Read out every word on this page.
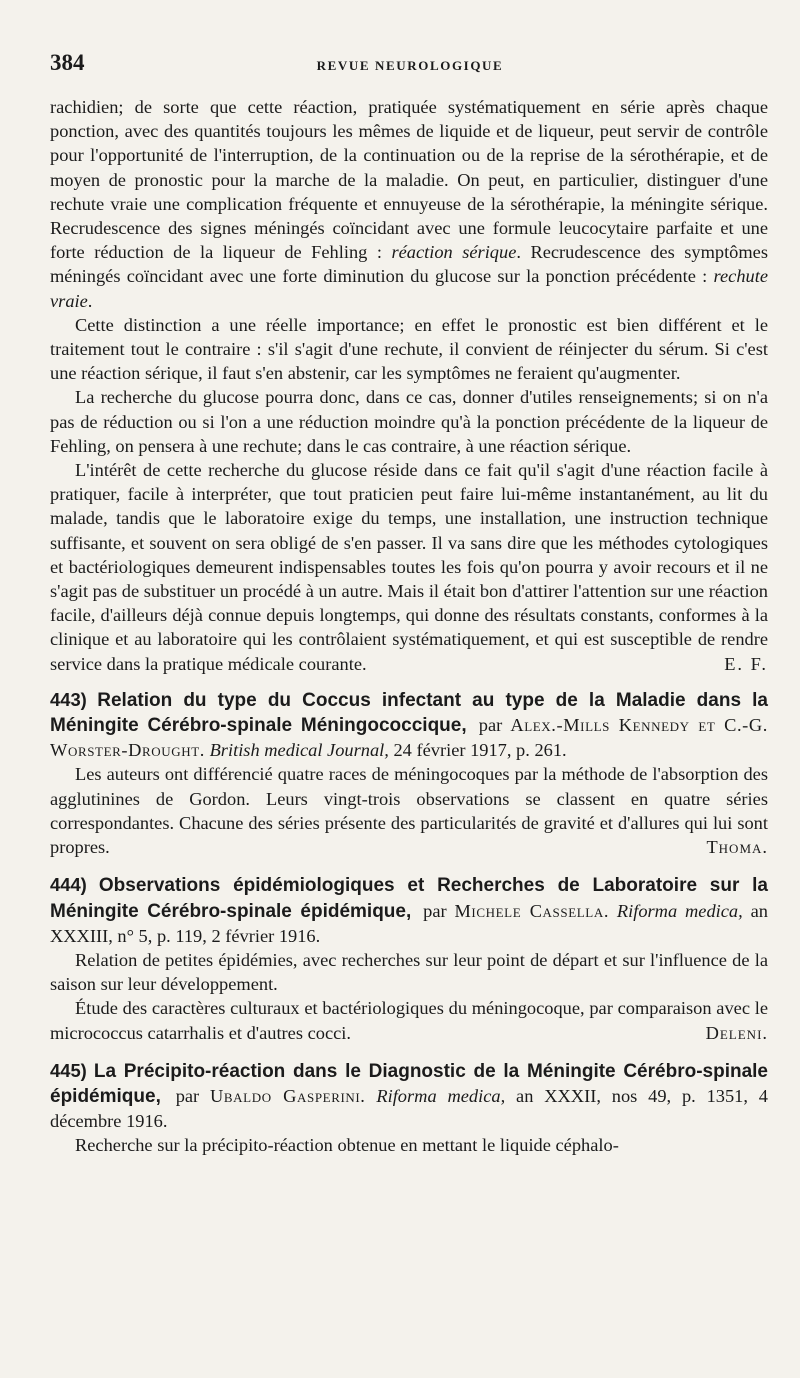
384	REVUE NEUROLOGIQUE

rachidien; de sorte que cette réaction, pratiquée systématiquement en série après chaque ponction, avec des quantités toujours les mêmes de liquide et de liqueur, peut servir de contrôle pour l'opportunité de l'interruption, de la continuation ou de la reprise de la sérothérapie, et de moyen de pronostic pour la marche de la maladie. On peut, en particulier, distinguer d'une rechute vraie une complication fréquente et ennuyeuse de la sérothérapie, la méningite sérique. Recrudescence des signes méningés coïncidant avec une formule leucocytaire parfaite et une forte réduction de la liqueur de Fehling : réaction sérique. Recrudescence des symptômes méningés coïncidant avec une forte diminution du glucose sur la ponction précédente : rechute vraie.

Cette distinction a une réelle importance; en effet le pronostic est bien différent et le traitement tout le contraire : s'il s'agit d'une rechute, il convient de réinjecter du sérum. Si c'est une réaction sérique, il faut s'en abstenir, car les symptômes ne feraient qu'augmenter.

La recherche du glucose pourra donc, dans ce cas, donner d'utiles renseignements; si on n'a pas de réduction ou si l'on a une réduction moindre qu'à la ponction précédente de la liqueur de Fehling, on pensera à une rechute; dans le cas contraire, à une réaction sérique.

L'intérêt de cette recherche du glucose réside dans ce fait qu'il s'agit d'une réaction facile à pratiquer, facile à interpréter, que tout praticien peut faire lui-même instantanément, au lit du malade, tandis que le laboratoire exige du temps, une installation, une instruction technique suffisante, et souvent on sera obligé de s'en passer. Il va sans dire que les méthodes cytologiques et bactériologiques demeurent indispensables toutes les fois qu'on pourra y avoir recours et il ne s'agit pas de substituer un procédé à un autre. Mais il était bon d'attirer l'attention sur une réaction facile, d'ailleurs déjà connue depuis longtemps, qui donne des résultats constants, conformes à la clinique et au laboratoire qui les contrôlaient systématiquement, et qui est susceptible de rendre service dans la pratique médicale courante.	E. F.

443) Relation du type du Coccus infectant au type de la Maladie dans la Méningite Cérébro-spinale Méningococcique, par Alex.-Mills Kennedy et C.-G. Worster-Drought. British medical Journal, 24 février 1917, p. 261.

Les auteurs ont différencié quatre races de méningocoques par la méthode de l'absorption des agglutinines de Gordon. Leurs vingt-trois observations se classent en quatre séries correspondantes. Chacune des séries présente des particularités de gravité et d'allures qui lui sont propres.	Thoma.

444) Observations épidémiologiques et Recherches de Laboratoire sur la Méningite Cérébro-spinale épidémique, par Michele Cassella. Riforma medica, an XXXIII, n° 5, p. 119, 2 février 1916.

Relation de petites épidémies, avec recherches sur leur point de départ et sur l'influence de la saison sur leur développement.

Étude des caractères culturaux et bactériologiques du méningocoque, par comparaison avec le micrococcus catarrhalis et d'autres cocci.	Deleni.

445) La Précipito-réaction dans le Diagnostic de la Méningite Cérébro-spinale épidémique, par Ubaldo Gasperini. Riforma medica, an XXXII, nos 49, p. 1351, 4 décembre 1916.

Recherche sur la précipito-réaction obtenue en mettant le liquide céphalo-
